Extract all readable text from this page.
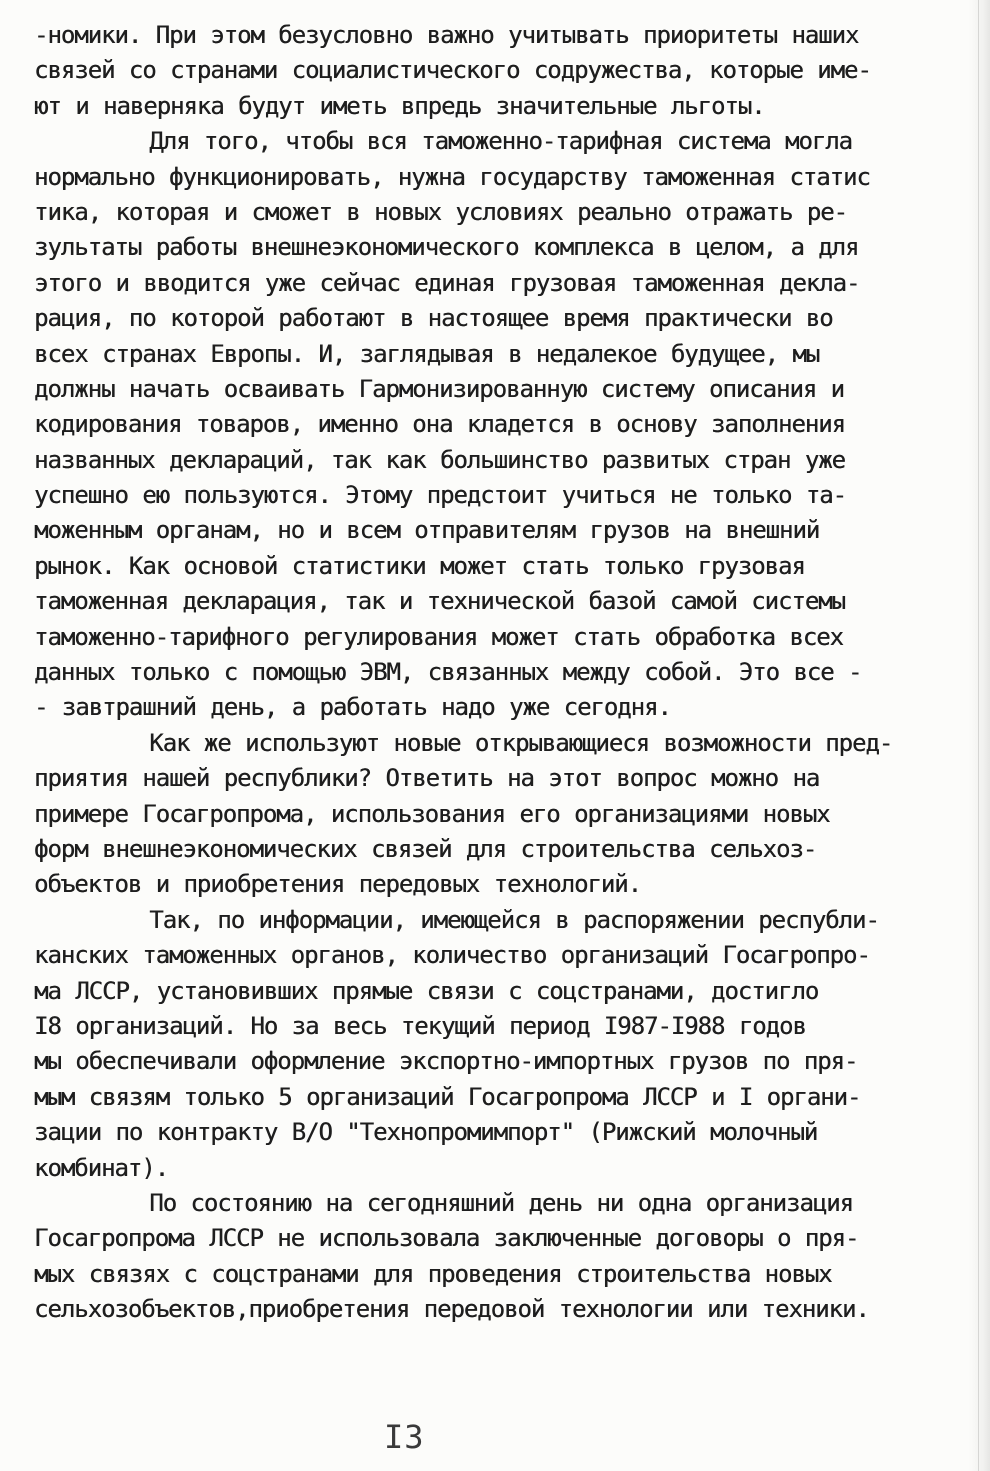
-номики. При этом безусловно важно учитывать приоритеты наших
связей со странами социалистического содружества, которые име-
ют и наверняка будут иметь впредь значительные льготы.
Для того, чтобы вся таможенно-тарифная система могла
нормально функционировать, нужна государству таможенная статис
тика, которая и сможет в новых условиях реально отражать ре-
зультаты работы внешнеэкономического комплекса в целом, а для
этого и вводится уже сейчас единая грузовая таможенная декла-
рация, по которой работают в настоящее время практически во
всех странах Европы. И, заглядывая в недалекое будущее, мы
должны начать осваивать Гармонизированную систему описания и
кодирования товаров, именно она кладется в основу заполнения
названных деклараций, так как большинство развитых стран уже
успешно ею пользуются. Этому предстоит учиться не только та-
моженным органам, но и всем отправителям грузов на внешний
рынок. Как основой статистики может стать только грузовая
таможенная декларация, так и технической базой самой системы
таможенно-тарифного регулирования может стать обработка всех
данных только с помощью ЭВМ, связанных между собой. Это все -
- завтрашний день, а работать надо уже сегодня.
Как же используют новые открывающиеся возможности пред-
приятия нашей республики? Ответить на этот вопрос можно на
примере Госагропрома, использования его организациями новых
форм внешнеэкономических связей для строительства сельхоз-
объектов и приобретения передовых технологий.
Так, по информации, имеющейся в распоряжении республи-
канских таможенных органов, количество организаций Госагропро-
ма ЛССР, установивших прямые связи с соцстранами, достигло
I8 организаций. Но за весь текущий период I987-I988 годов
мы обеспечивали оформление экспортно-импортных грузов по пря-
мым связям только 5 организаций Госагропрома ЛССР и I органи-
зации по контракту В/О "Технопромимпорт" (Рижский молочный
комбинат).
По состоянию на сегодняшний день ни одна организация
Госагропрома ЛССР не использовала заключенные договоры о пря-
мых связях с соцстранами для проведения строительства новых
сельхозобъектов,приобретения передовой технологии или техники.
I3
